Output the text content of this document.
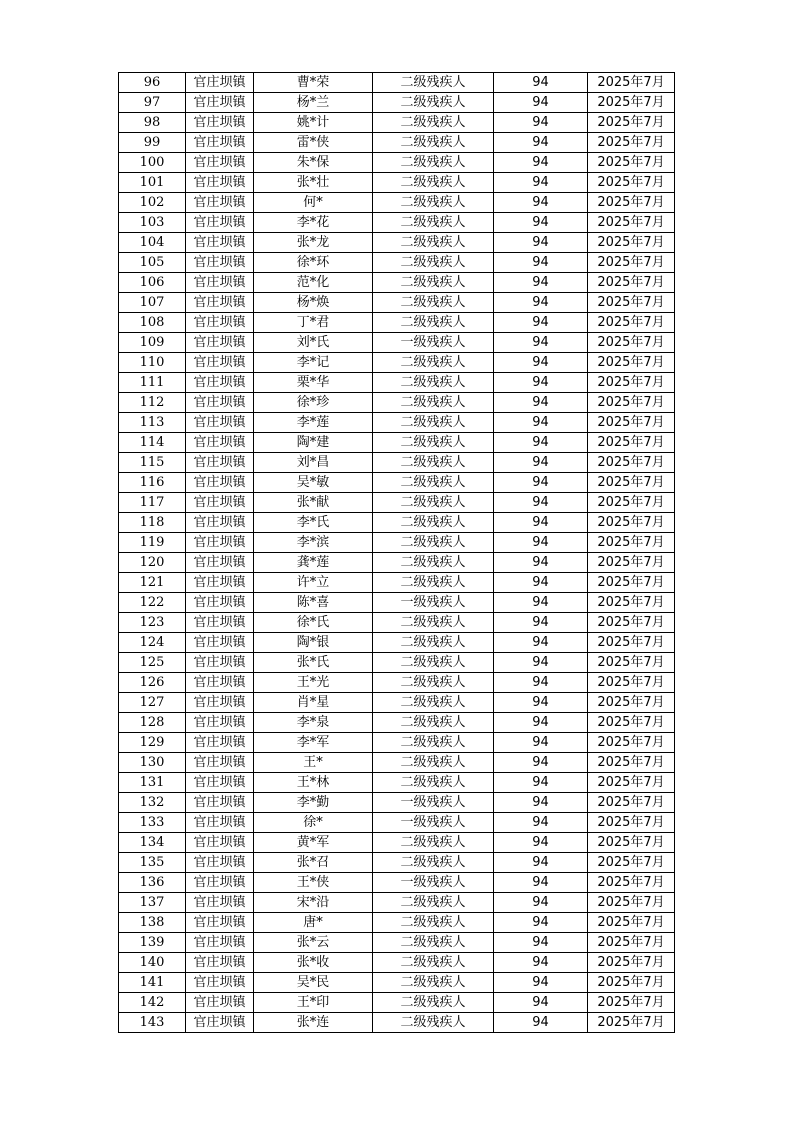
96	官庄坝镇	曹*荣	二级残疾人	94	2025年7月
97	官庄坝镇	杨*兰	二级残疾人	94	2025年7月
98	官庄坝镇	姚*计	二级残疾人	94	2025年7月
99	官庄坝镇	雷*侠	二级残疾人	94	2025年7月
100	官庄坝镇	朱*保	二级残疾人	94	2025年7月
101	官庄坝镇	张*壮	二级残疾人	94	2025年7月
102	官庄坝镇	何*	二级残疾人	94	2025年7月
103	官庄坝镇	李*花	二级残疾人	94	2025年7月
104	官庄坝镇	张*龙	二级残疾人	94	2025年7月
105	官庄坝镇	徐*环	二级残疾人	94	2025年7月
106	官庄坝镇	范*化	二级残疾人	94	2025年7月
107	官庄坝镇	杨*焕	二级残疾人	94	2025年7月
108	官庄坝镇	丁*君	二级残疾人	94	2025年7月
109	官庄坝镇	刘*氏	一级残疾人	94	2025年7月
110	官庄坝镇	李*记	二级残疾人	94	2025年7月
111	官庄坝镇	栗*华	二级残疾人	94	2025年7月
112	官庄坝镇	徐*珍	二级残疾人	94	2025年7月
113	官庄坝镇	李*莲	二级残疾人	94	2025年7月
114	官庄坝镇	陶*建	二级残疾人	94	2025年7月
115	官庄坝镇	刘*昌	二级残疾人	94	2025年7月
116	官庄坝镇	吴*敏	二级残疾人	94	2025年7月
117	官庄坝镇	张*献	二级残疾人	94	2025年7月
118	官庄坝镇	李*氏	二级残疾人	94	2025年7月
119	官庄坝镇	李*滨	二级残疾人	94	2025年7月
120	官庄坝镇	龚*莲	二级残疾人	94	2025年7月
121	官庄坝镇	许*立	二级残疾人	94	2025年7月
122	官庄坝镇	陈*喜	一级残疾人	94	2025年7月
123	官庄坝镇	徐*氏	二级残疾人	94	2025年7月
124	官庄坝镇	陶*银	二级残疾人	94	2025年7月
125	官庄坝镇	张*氏	二级残疾人	94	2025年7月
126	官庄坝镇	王*光	二级残疾人	94	2025年7月
127	官庄坝镇	肖*星	二级残疾人	94	2025年7月
128	官庄坝镇	李*泉	二级残疾人	94	2025年7月
129	官庄坝镇	李*军	二级残疾人	94	2025年7月
130	官庄坝镇	王*	二级残疾人	94	2025年7月
131	官庄坝镇	王*林	二级残疾人	94	2025年7月
132	官庄坝镇	李*勤	一级残疾人	94	2025年7月
133	官庄坝镇	徐*	一级残疾人	94	2025年7月
134	官庄坝镇	黄*军	二级残疾人	94	2025年7月
135	官庄坝镇	张*召	二级残疾人	94	2025年7月
136	官庄坝镇	王*侠	一级残疾人	94	2025年7月
137	官庄坝镇	宋*沿	二级残疾人	94	2025年7月
138	官庄坝镇	唐*	二级残疾人	94	2025年7月
139	官庄坝镇	张*云	二级残疾人	94	2025年7月
140	官庄坝镇	张*收	二级残疾人	94	2025年7月
141	官庄坝镇	吴*民	二级残疾人	94	2025年7月
142	官庄坝镇	王*印	二级残疾人	94	2025年7月
143	官庄坝镇	张*连	二级残疾人	94	2025年7月
